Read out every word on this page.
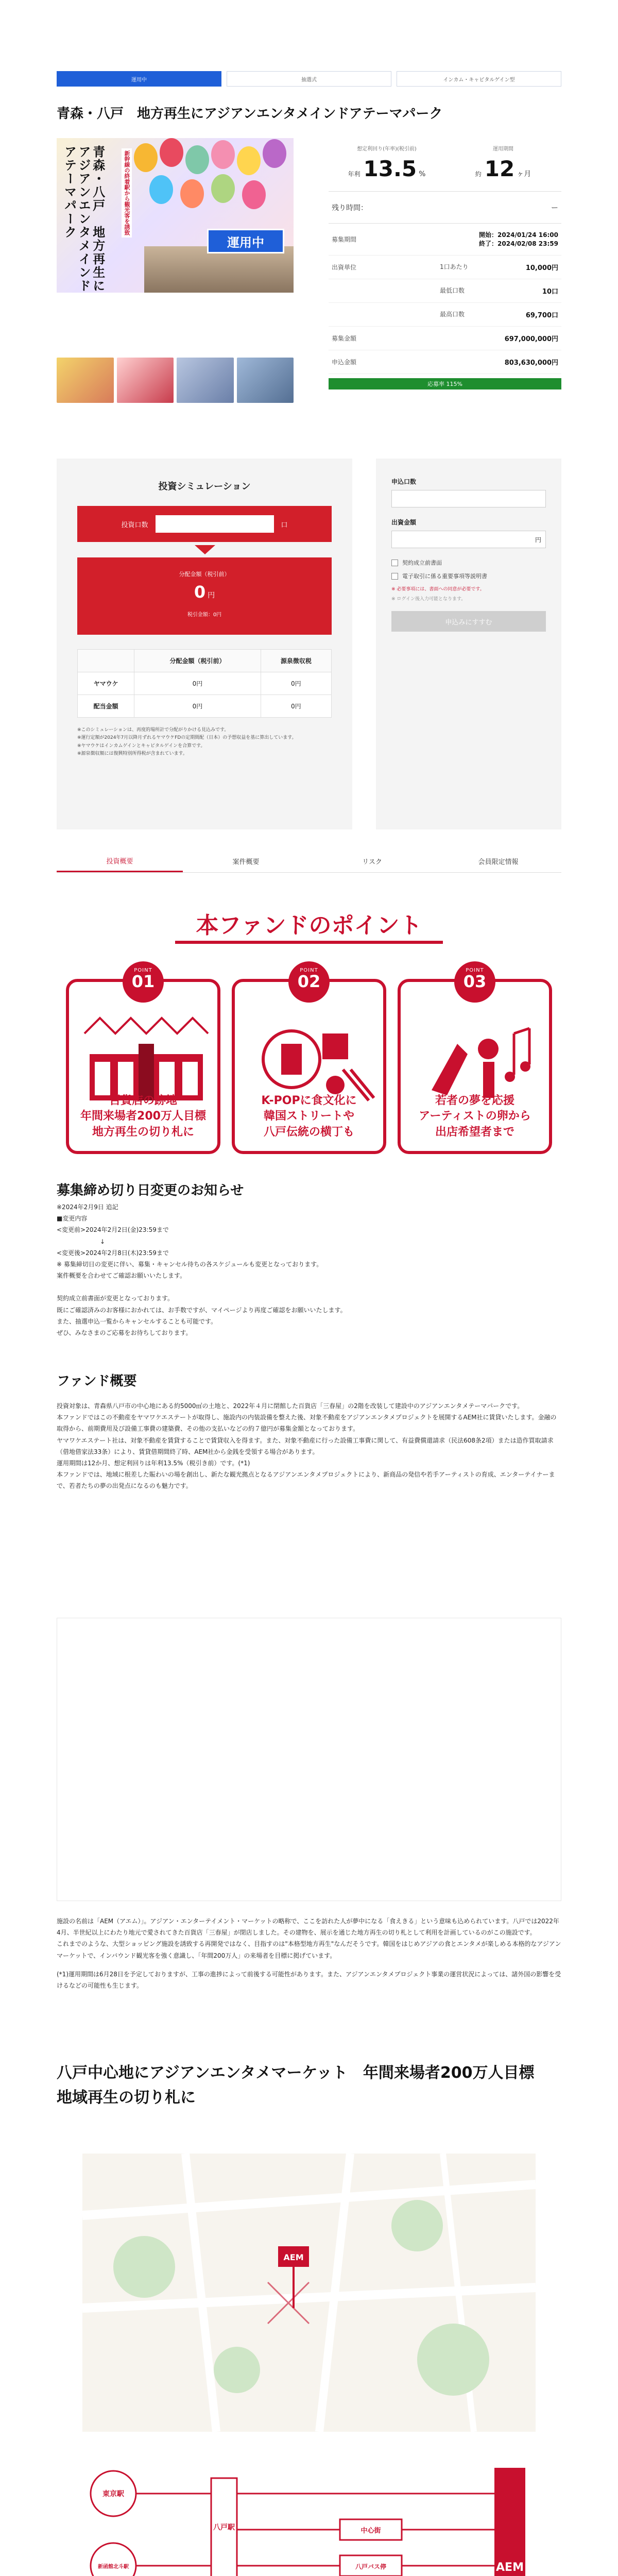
運用中	抽選式	インカム・キャピタルゲイン型
青森・八戸　地方再生にアジアンエンタメインドアテーマパーク
青森・八戸　地方再生にアジアンエンタメインドアテーマパーク	新幹線の終着駅から観光客を誘致
運用中
想定利回り(年率)(税引前)
年利 13.5 %
運用期間
約 12 ヶ月
残り時間：	ー
募集期間
開始：2024/01/24 16:00
終了：2024/02/08 23:59
出資単位	1口あたり	10,000円
最低口数	10口
最高口数	69,700口
募集金額	697,000,000円
申込金額	803,630,000円
応募率 115%
投資シミュレーション
投資口数	口
分配金額（税引前）
0 円
税引金額：0円
	分配金額（税引前）	源泉徴収税
ヤマウケ	0円	0円
配当金額	0円	0円
※このシミュレーションは、再度的場所計で分配がりかける見込みです。
※運行定額が2024年7月以降月ずれるヤマウケFDの定期間配（日本）の予想収益を基に算出しています。
※ヤマウケはインカムゲインとキャピタルゲインを合算です。
※源泉徴収額には復興特別所得税が含まれています。
申込口数
出資金額
円
契約成立前書面
電子取引に係る重要事項等説明書
※ 必要事項には、書面への同意が必要です。
※ ログイン後入力可能となります。
申込みにすすむ
投資概要	案件概要	リスク	会員限定情報
本ファンドのポイント
POINT
01
百貨店の跡地
年間来場者200万人目標
地方再生の切り札に
POINT
02
K-POPに食文化に
韓国ストリートや
八戸伝統の横丁も
POINT
03
若者の夢を応援
アーティストの卵から
出店希望者まで
募集締め切り日変更のお知らせ

※2024年2月9日 追記

■変更内容

<変更前>2024年2月2日(金)23:59まで

　　　　　　　↓

<変更後>2024年2月8日(木)23:59まで

※ 募集締切日の変更に伴い、募集・キャンセル待ちの各スケジュールも変更となっております。

案件概要を合わせてご確認お願いいたします。

契約成立前書面が変更となっております。

既にご確認済みのお客様におかれては、お手数ですが、マイページより再度ご確認をお願いいたします。

また、抽選申込一覧からキャンセルすることも可能です。

ぜひ、みなさまのご応募をお待ちしております。

ファンド概要

投資対象は、青森県八戸市の中心地にある約5000㎡の土地と、2022年４月に閉館した百貨店「三春屋」の2階を改装して建設中のアジアンエンタメテーマパークです。

本ファンドではこの不動産をヤマワケエステートが取得し、施設内の内装設備を整えた後、対象不動産をアジアンエンタメプロジェクトを展開するAEM社に賃貸いたします。金融の取得から、前期費用及び設備工事費の建築費、その他の支払いなどの約７億円が募集金額となっております。

ヤマワケエステート社は、対象不動産を賃貸することで賃貸収入を得ます。また、対象不動産に行った設備工事費に関して、有益費償還請求（民法608条2項）または造作買取請求（借地借家法33条）により、賃貸借期間終了時、AEM社から金銭を受領する場合があります。

運用期間は12か月、想定利回りは年利13.5%（税引き前）です。(*1)

本ファンドでは、地域に根差した賑わいの場を創出し、新たな観光拠点となるアジアンエンタメプロジェクトにより、新商品の発信や若手アーティストの育成、エンターテイナーまで、若者たちの夢の出発点になるのも魅力です。

施設の名前は「AEM（アエム）」。アジアン・エンターテイメント・マーケットの略称で、ここを訪れた人が夢中になる「食えきる」という意味も込められています。八戸では2022年4月、半世紀以上にわたり地元で愛されてきた百貨店「三春屋」が閉店しました。その建物を、展示を通じた地方再生の切り札として利用を計画しているのがこの施設です。

これまでのような、大型ショッピング施設を誘致する再開発ではなく、目指すのは"本格型地方再生"なんだそうです。韓国をはじめアジアの食とエンタメが楽しめる本格的なアジアンマーケットで、インバウンド観光客を強く意識し、「年間200万人」の来場者を目標に掲げています。

(*1)運用期間は6月28日を予定しておりますが、工事の進捗によって前後する可能性があります。また、アジアンエンタメプロジェクト事業の運営状況によっては、諸外国の影響を受けるなどの可能性も生じます。

八戸中心地にアジアンエンタメマーケット　年間来場者200万人目標　地域再生の切り札に
AEM
東京駅
新函館北斗駅
八戸駅	中心街
八戸バス停	AEM
